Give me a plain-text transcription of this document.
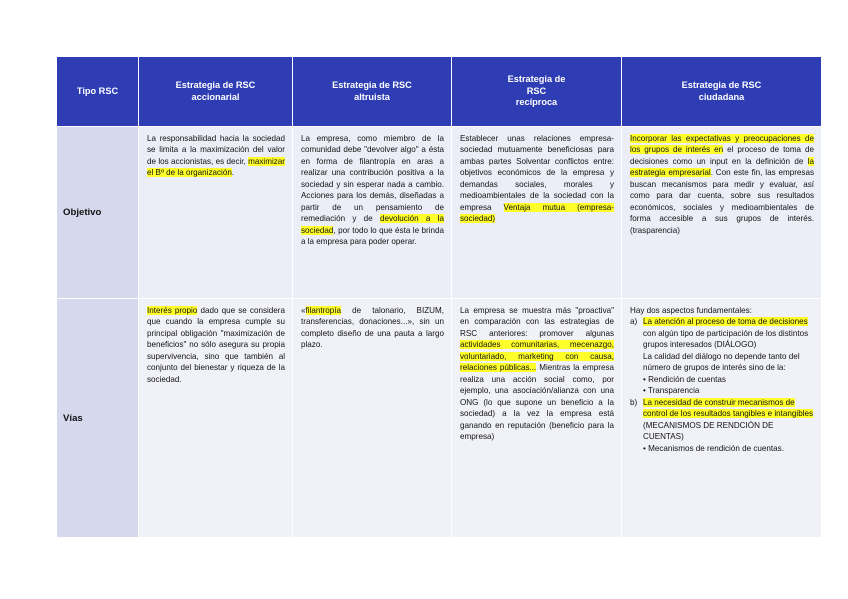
Tipo RSC
Estrategia de RSC
accionarial
Estrategia de RSC
altruista
Estrategia de
RSC
recíproca
Estrategia de RSC
ciudadana
Objetivo

La responsabilidad hacia la sociedad se limita a la maximización del valor de los accionistas, es decir, maximizar el Bº de la organización.

La empresa, como miembro de la comunidad debe "devolver algo" a ésta en forma de filantropía en aras a realizar una contribución positiva a la sociedad y sin esperar nada a cambio. Acciones para los demás, diseñadas a partir de un pensamiento de remediación y de devolución a la sociedad, por todo lo que ésta le brinda a la empresa para poder operar.

Establecer unas relaciones empresa-sociedad mutuamente beneficiosas para ambas partes Solventar conflictos entre: objetivos económicos de la empresa y demandas sociales, morales y medioambientales de la sociedad con la empresa Ventaja mutua (empresa-sociedad)

Incorporar las expectativas y preocupaciones de los grupos de interés en el proceso de toma de decisiones como un input en la definición de la estrategia empresarial. Con este fin, las empresas buscan mecanismos para medir y evaluar, así como para dar cuenta, sobre sus resultados económicos, sociales y medioambientales de forma accesible a sus grupos de interés. (trasparencia)

Vías

Interés propio dado que se considera que cuando la empresa cumple su principal obligación "maximización de beneficios" no sólo asegura su propia supervivencia, sino que también al conjunto del bienestar y riqueza de la sociedad.

«filantropía de talonario, BIZUM, transferencias, donaciones...», sin un completo diseño de una pauta a largo plazo.

La empresa se muestra más "proactiva" en comparación con las estrategias de RSC anteriores: promover algunas actividades comunitarias, mecenazgo, voluntariado, marketing con causa, relaciones públicas... Mientras la empresa realiza una acción social como, por ejemplo, una asociación/alianza con una ONG (lo que supone un beneficio a la sociedad) a la vez la empresa está ganando en reputación (beneficio para la empresa)

Hay dos aspectos fundamentales:

a) La atención al proceso de toma de decisiones con algún tipo de participación de los distintos grupos interesados (DIÁLOGO)

La calidad del diálogo no depende tanto del número de grupos de interés sino de la:

• Rendición de cuentas

• Transparencia

b) La necesidad de construir mecanismos de control de los resultados tangibles e intangibles (MECANISMOS DE RENDCIÓN DE CUENTAS)

• Mecanismos de rendición de cuentas.
